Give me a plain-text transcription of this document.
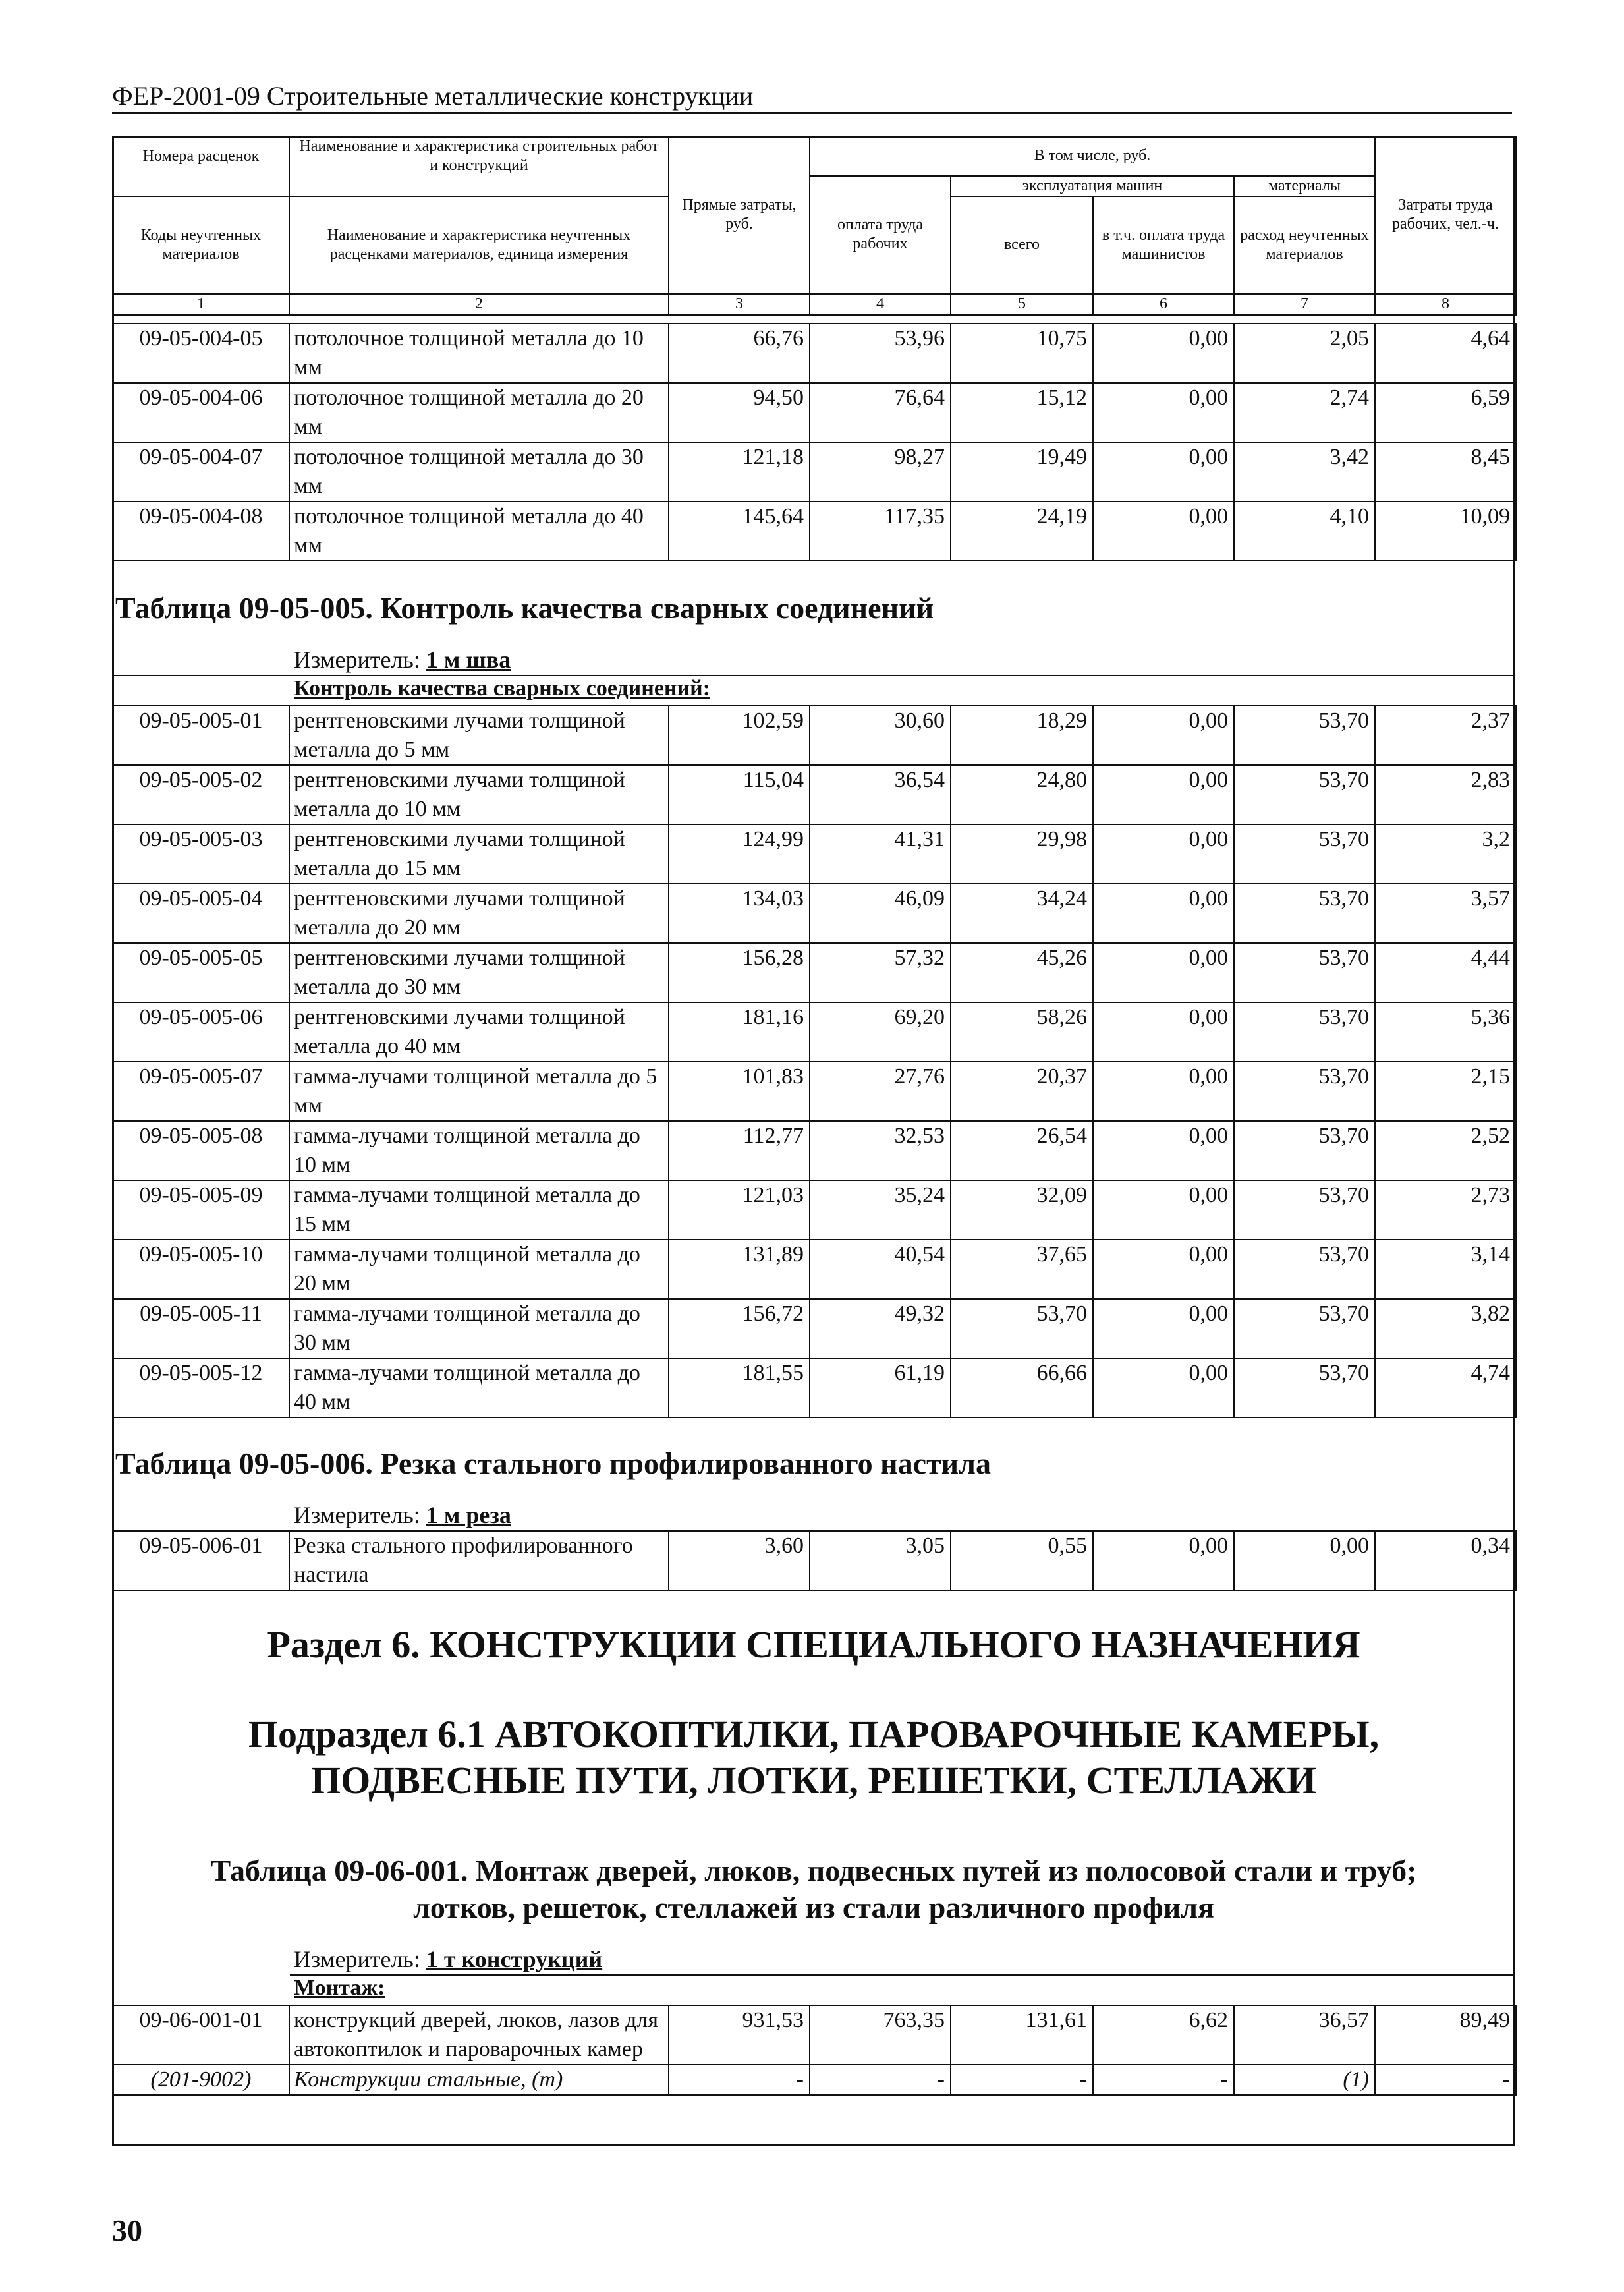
ФЕР-2001-09 Строительные металлические конструкции
Номера расценок	Наименование и характеристика строительных работ и конструкций	Прямые затраты, руб.	В том числе, руб.				Затраты труда рабочих, чел.-ч.
			оплата труда рабочих	эксплуатация машин		материалы	
Коды неучтенных материалов	Наименование и характеристика неучтенных расценками материалов, единица измерения			всего	в т.ч. оплата труда машинистов	расход неучтенных материалов	
1	2	3	4	5	6	7	8
09-05-004-05	потолочное толщиной металла до 10 мм	66,76	53,96	10,75	0,00	2,05	4,64
09-05-004-06	потолочное толщиной металла до 20 мм	94,50	76,64	15,12	0,00	2,74	6,59
09-05-004-07	потолочное толщиной металла до 30 мм	121,18	98,27	19,49	0,00	3,42	8,45
09-05-004-08	потолочное толщиной металла до 40 мм	145,64	117,35	24,19	0,00	4,10	10,09
Таблица 09-05-005. Контроль качества сварных соединений
Измеритель: 1 м шва
Контроль качества сварных соединений:
09-05-005-01	рентгеновскими лучами толщиной металла до 5 мм	102,59	30,60	18,29	0,00	53,70	2,37
09-05-005-02	рентгеновскими лучами толщиной металла до 10 мм	115,04	36,54	24,80	0,00	53,70	2,83
09-05-005-03	рентгеновскими лучами толщиной металла до 15 мм	124,99	41,31	29,98	0,00	53,70	3,2
09-05-005-04	рентгеновскими лучами толщиной металла до 20 мм	134,03	46,09	34,24	0,00	53,70	3,57
09-05-005-05	рентгеновскими лучами толщиной металла до 30 мм	156,28	57,32	45,26	0,00	53,70	4,44
09-05-005-06	рентгеновскими лучами толщиной металла до 40 мм	181,16	69,20	58,26	0,00	53,70	5,36
09-05-005-07	гамма-лучами толщиной металла до 5 мм	101,83	27,76	20,37	0,00	53,70	2,15
09-05-005-08	гамма-лучами толщиной металла до 10 мм	112,77	32,53	26,54	0,00	53,70	2,52
09-05-005-09	гамма-лучами толщиной металла до 15 мм	121,03	35,24	32,09	0,00	53,70	2,73
09-05-005-10	гамма-лучами толщиной металла до 20 мм	131,89	40,54	37,65	0,00	53,70	3,14
09-05-005-11	гамма-лучами толщиной металла до 30 мм	156,72	49,32	53,70	0,00	53,70	3,82
09-05-005-12	гамма-лучами толщиной металла до 40 мм	181,55	61,19	66,66	0,00	53,70	4,74
Таблица 09-05-006. Резка стального профилированного настила
Измеритель: 1 м реза
09-05-006-01	Резка стального профилированного настила	3,60	3,05	0,55	0,00	0,00	0,34
Раздел 6. КОНСТРУКЦИИ СПЕЦИАЛЬНОГО НАЗНАЧЕНИЯ
Подраздел 6.1 АВТОКОПТИЛКИ, ПАРОВАРОЧНЫЕ КАМЕРЫ,
ПОДВЕСНЫЕ ПУТИ, ЛОТКИ, РЕШЕТКИ, СТЕЛЛАЖИ
Таблица 09-06-001. Монтаж дверей, люков, подвесных путей из полосовой стали и труб;
лотков, решеток, стеллажей из стали различного профиля
Измеритель: 1 т конструкций
Монтаж:
09-06-001-01	конструкций дверей, люков, лазов для автокоптилок и пароварочных камер	931,53	763,35	131,61	6,62	36,57	89,49
(201-9002)	Конструкции стальные, (т)	-	-	-	-	(1)	-
30
